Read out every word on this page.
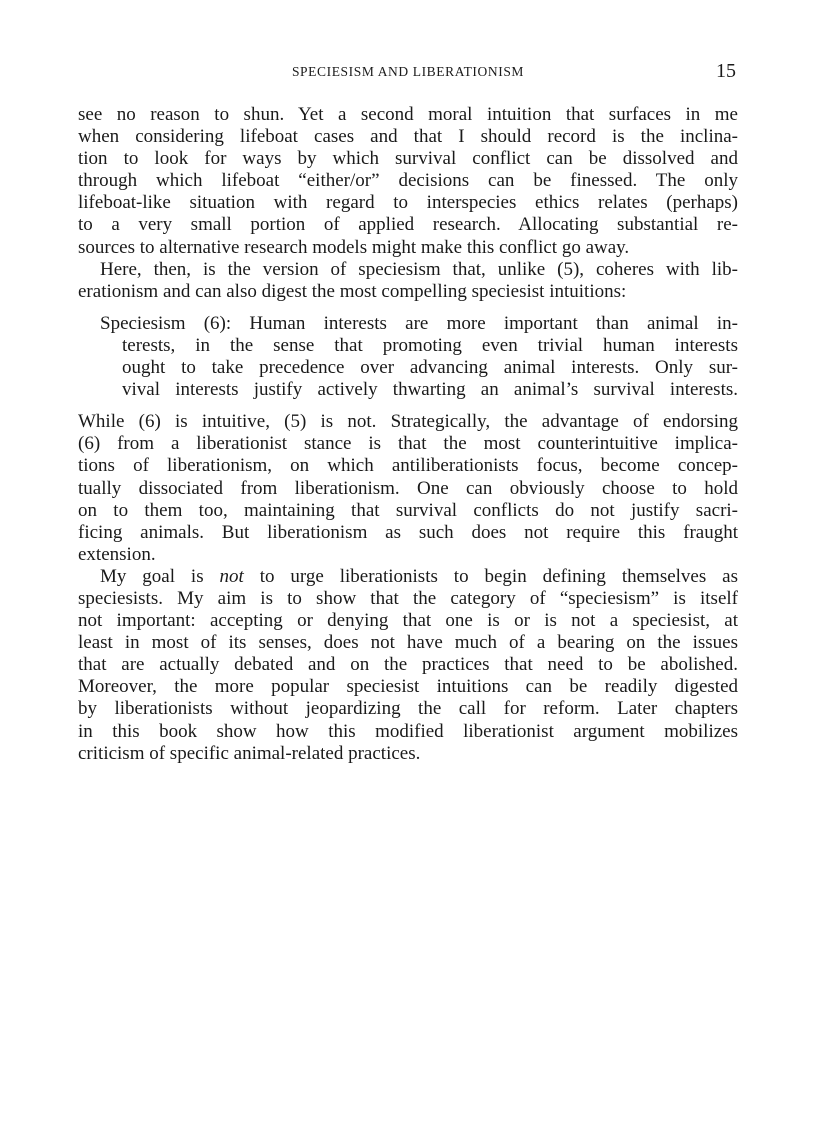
SPECIESISM AND LIBERATIONISM	15

see no reason to shun. Yet a second moral intuition that surfaces in me
when considering lifeboat cases and that I should record is the inclina-
tion to look for ways by which survival conflict can be dissolved and
through which lifeboat “either/or” decisions can be finessed. The only
lifeboat-like situation with regard to interspecies ethics relates (perhaps)
to a very small portion of applied research. Allocating substantial re-
sources to alternative research models might make this conflict go away.

Here, then, is the version of speciesism that, unlike (5), coheres with lib-
erationism and can also digest the most compelling speciesist intuitions:

Speciesism (6): Human interests are more important than animal in-
terests, in the sense that promoting even trivial human interests
ought to take precedence over advancing animal interests. Only sur-
vival interests justify actively thwarting an animal’s survival interests.

While (6) is intuitive, (5) is not. Strategically, the advantage of endorsing
(6) from a liberationist stance is that the most counterintuitive implica-
tions of liberationism, on which antiliberationists focus, become concep-
tually dissociated from liberationism. One can obviously choose to hold
on to them too, maintaining that survival conflicts do not justify sacri-
ficing animals. But liberationism as such does not require this fraught
extension.

My goal is not to urge liberationists to begin defining themselves as
speciesists. My aim is to show that the category of “speciesism” is itself
not important: accepting or denying that one is or is not a speciesist, at
least in most of its senses, does not have much of a bearing on the issues
that are actually debated and on the practices that need to be abolished.
Moreover, the more popular speciesist intuitions can be readily digested
by liberationists without jeopardizing the call for reform. Later chapters
in this book show how this modified liberationist argument mobilizes
criticism of specific animal-related practices.
